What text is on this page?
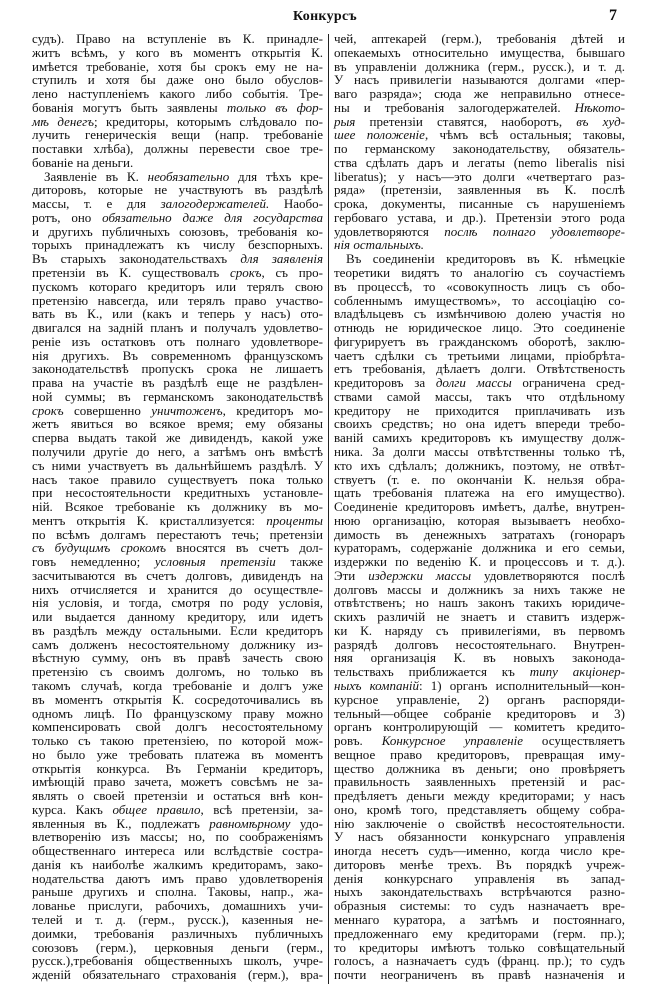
Конкурсъ	7
судъ). Право на вступленіе въ К. принадле-
житъ всѣмъ, у кого въ моментъ открытія К.
имѣется требованіе, хотя бы срокъ ему не на-
ступилъ и хотя бы даже оно было обуслов-
лено наступленіемъ какого либо событія. Тре-
бованія могутъ быть заявлены только въ фор-
мѣ денегъ; кредиторы, которымъ слѣдовало по-
лучить генерическія вещи (напр. требованіе
поставки хлѣба), должны перевести свое тре-
бованіе на деньги.
Заявленіе въ К. необязательно для тѣхъ кре-
диторовъ, которые не участвуютъ въ раздѣлѣ
массы, т. е для залогодержателей. Наобо-
ротъ, оно обязательно даже для государства
и другихъ публичныхъ союзовъ, требованія ко-
торыхъ принадлежатъ къ числу безспорныхъ.
Въ старыхъ законодательствахъ для заявленія
претензіи въ К. существовалъ срокъ, съ про-
пускомъ котораго кредиторъ или терялъ свою
претензію навсегда, или терялъ право участво-
вать въ К., или (какъ и теперь у насъ) ото-
двигался на задній планъ и получалъ удовлетво-
реніе изъ остатковъ отъ полнаго удовлетворе-
нія другихъ. Въ современномъ французскомъ
законодательствѣ пропускъ срока не лишаетъ
права на участіе въ раздѣлѣ еще не раздѣлен-
ной суммы; въ германскомъ законодательствѣ
срокъ совершенно уничтоженъ, кредиторъ мо-
жетъ явиться во всякое время; ему обязаны
сперва выдать такой же дивидендъ, какой уже
получили другіе до него, а затѣмъ онъ вмѣстѣ
съ ними участвуетъ въ дальнѣйшемъ раздѣлѣ. У
насъ такое правило существуетъ пока только
при несостоятельности кредитныхъ установле-
ній. Всякое требованіе къ должнику въ мо-
ментъ открытія К. кристаллизуется: проценты
по всѣмъ долгамъ перестаютъ течь; претензіи
съ будущимъ срокомъ вносятся въ счетъ дол-
говъ немедленно; условныя претензіи также
засчитываются въ счетъ долговъ, дивидендъ на
нихъ отчисляется и хранится до осуществле-
нія условія, и тогда, смотря по роду условія,
или выдается данному кредитору, или идетъ
въ раздѣлъ между остальными. Если кредиторъ
самъ долженъ несостоятельному должнику из-
вѣстную сумму, онъ въ правѣ зачесть свою
претензію съ своимъ долгомъ, но только въ
такомъ случаѣ, когда требованіе и долгъ уже
въ моментъ открытія К. сосредоточивались въ
одномъ лицѣ. По французскому праву можно
компенсировать свой долгъ несостоятельному
только съ такою претензіею, по которой мож-
но было уже требовать платежа въ моментъ
открытія конкурса. Въ Германіи кредиторъ,
имѣющій право зачета, можетъ совсѣмъ не за-
являть о своей претензіи и остаться внѣ кон-
курса. Какъ общее правило, всѣ претензіи, за-
явленныя въ К., подлежатъ равномѣрному удо-
влетворенію изъ массы; но, по соображеніямъ
общественнаго интереса или вслѣдствіе состра-
данія къ наиболѣе жалкимъ кредиторамъ, зако-
нодательства даютъ имъ право удовлетворенія
раньше другихъ и сполна. Таковы, напр., жа-
лованье прислуги, рабочихъ, домашнихъ учи-
телей и т. д. (герм., русск.), казенныя не-
доимки, требованія различныхъ публичныхъ
союзовъ (герм.), церковныя деньги (герм.,
русск.),требованія общественныхъ школъ, учре-
жденій обязательнаго страхованія (герм.), вра-
чей, аптекарей (герм.), требованія дѣтей и
опекаемыхъ относительно имущества, бывшаго
въ управленіи должника (герм., русск.), и т. д.
У насъ привилегіи называются долгами «пер-
ваго разряда»; сюда же неправильно отнесе-
ны и требованія залогодержателей. Нѣкото-
рыя претензіи ставятся, наоборотъ, въ худ-
шее положеніе, чѣмъ всѣ остальныя; таковы,
по германскому законодательству, обязатель-
ства сдѣлать даръ и легаты (nemo liberalis nisi
liberatus); у насъ—это долги «четвертаго раз-
ряда» (претензіи, заявленныя въ К. послѣ
срока, документы, писанные съ нарушеніемъ
гербоваго устава, и др.). Претензіи этого рода
удовлетворяются послѣ полнаго удовлетворе-
нія остальныхъ.
Въ соединеніи кредиторовъ въ К. нѣмецкіе
теоретики видятъ то аналогію съ соучастіемъ
въ процессѣ, то «совокупность лицъ съ обо-
собленнымъ имуществомъ», то ассоціацію со-
владѣльцевъ съ измѣнчивою долею участія но
отнюдь не юридическое лицо. Это соединеніе
фигурируетъ въ гражданскомъ оборотѣ, заклю-
чаетъ сдѣлки съ третьими лицами, пріобрѣта-
етъ требованія, дѣлаетъ долги. Отвѣтственость
кредиторовъ за долги массы ограничена сред-
ствами самой массы, такъ что отдѣльному
кредитору не приходится приплачивать изъ
своихъ средствъ; но она идетъ впереди требо-
ваній самихъ кредиторовъ къ имуществу долж-
ника. За долги массы отвѣтственны только тѣ,
кто ихъ сдѣлалъ; должникъ, поэтому, не отвѣт-
ствуетъ (т. е. по окончаніи К. нельзя обра-
щать требованія платежа на его имущество).
Соединеніе кредиторовъ имѣетъ, далѣе, внутрен-
нюю организацію, которая вызываетъ необхо-
димость въ денежныхъ затратахъ (гонораръ
кураторамъ, содержаніе должника и его семьи,
издержки по веденію К. и процессовъ и т. д.).
Эти издержки массы удовлетворяются послѣ
долговъ массы и должникъ за нихъ также не
отвѣтственъ; но нашъ законъ такихъ юридиче-
скихъ различій не знаетъ и ставитъ издерж-
ки К. наряду съ привилегіями, въ первомъ
разрядѣ долговъ несостоятельнаго. Внутрен-
няя организація К. въ новыхъ законода-
тельствахъ приближается къ типу акціонер-
ныхъ компаній: 1) органъ исполнительный—кон-
курсное управленіе, 2) органъ распоряди-
тельный—общее собраніе кредиторовъ и 3)
органъ контролирующій — комитетъ кредито-
ровъ. Конкурсное управленіе осуществляетъ
вещное право кредиторовъ, превращая иму-
щество должника въ деньги; оно провѣряетъ
правильность заявленныхъ претензій и рас-
предѣляетъ деньги между кредиторами; у насъ
оно, кромѣ того, представляетъ общему собра-
нію заключеніе о свойствѣ несостоятельности.
У насъ обязанности конкурснаго управленія
иногда несетъ судъ—именно, когда число кре-
диторовъ менѣе трехъ. Въ порядкѣ учреж-
денія конкурснаго управленія въ запад-
ныхъ закондательствахъ встрѣчаются разно-
образныя системы: то судъ назначаетъ вре-
меннаго куратора, а затѣмъ и постояннаго,
предложеннаго ему кредиторами (герм. пр.);
то кредиторы имѣютъ только совѣщательный
голосъ, а назначаетъ судъ (франц. пр.); то судъ
почти неограниченъ въ правѣ назначенія и
